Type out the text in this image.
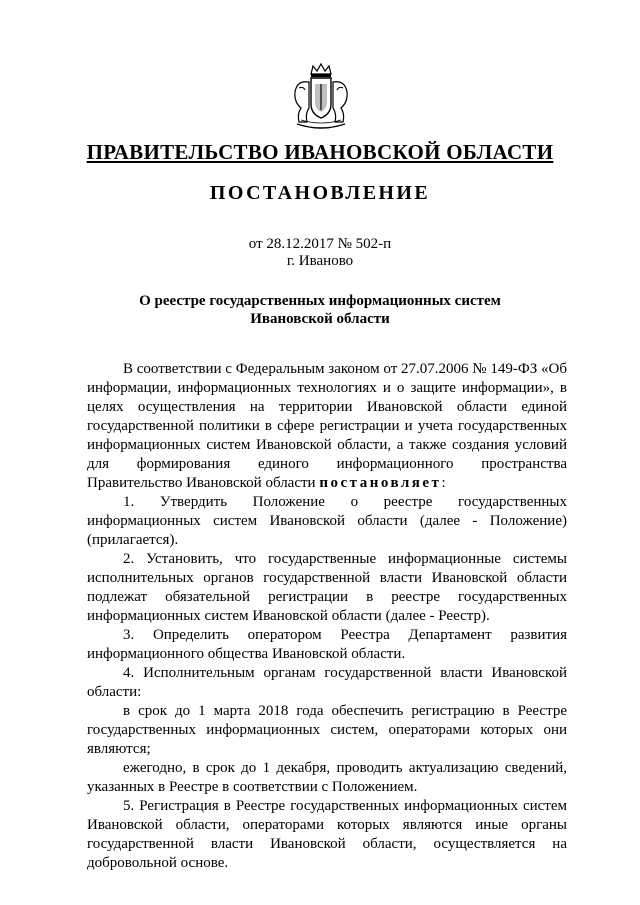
ПРАВИТЕЛЬСТВО ИВАНОВСКОЙ ОБЛАСТИ
ПОСТАНОВЛЕНИЕ
от 28.12.2017 № 502-п
г. Иваново
О реестре государственных информационных систем
Ивановской области

В соответствии с Федеральным законом от 27.07.2006 № 149-ФЗ «Об информации, информационных технологиях и о защите информации», в целях осуществления на территории Ивановской области единой государственной политики в сфере регистрации и учета государственных информационных систем Ивановской области, а также создания условий для формирования единого информационного пространства Правительство Ивановской области постановляет:

1. Утвердить Положение о реестре государственных информационных систем Ивановской области (далее - Положение) (прилагается).

2. Установить, что государственные информационные системы исполнительных органов государственной власти Ивановской области подлежат обязательной регистрации в реестре государственных информационных систем Ивановской области (далее - Реестр).

3. Определить оператором Реестра Департамент развития информационного общества Ивановской области.

4. Исполнительным органам государственной власти Ивановской области:

в срок до 1 марта 2018 года обеспечить регистрацию в Реестре государственных информационных систем, операторами которых они являются;

ежегодно, в срок до 1 декабря, проводить актуализацию сведений, указанных в Реестре в соответствии с Положением.

5. Регистрация в Реестре государственных информационных систем Ивановской области, операторами которых являются иные органы государственной власти Ивановской области, осуществляется на добровольной основе.
